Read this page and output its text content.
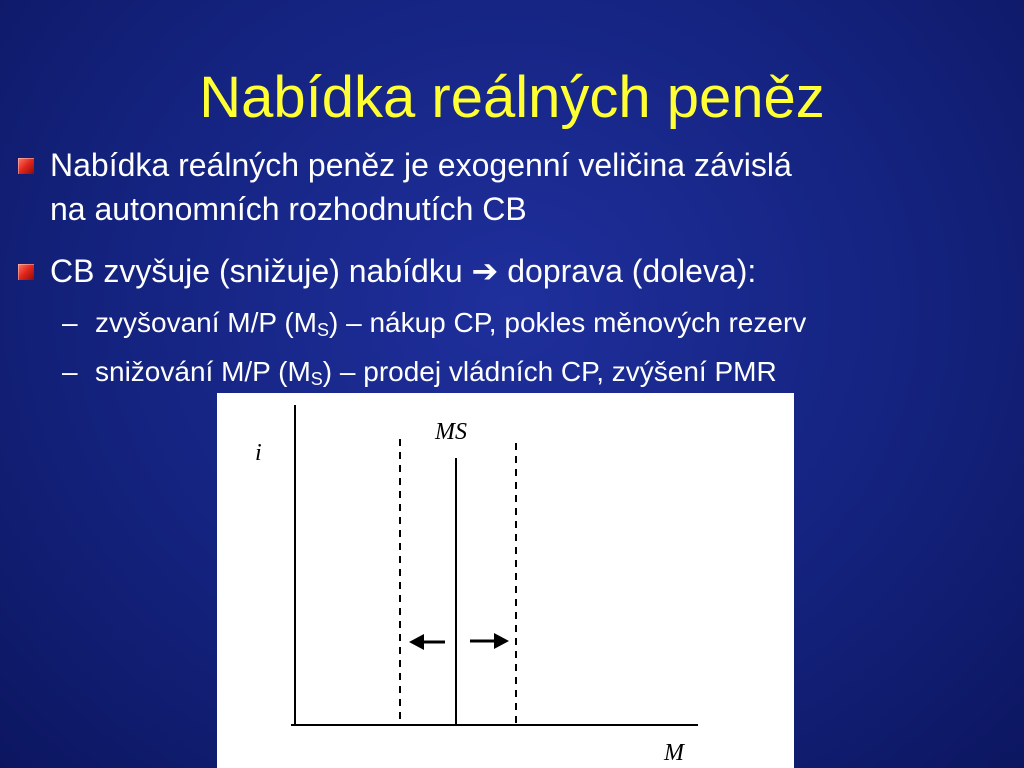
Nabídka reálných peněz
Nabídka reálných peněz je exogenní veličina závislá
na autonomních rozhodnutích CB
CB zvyšuje (snižuje) nabídku ➔ doprava (doleva):
– zvyšovaní M/P $(M_S)$ – nákup CP, pokles měnových rezerv
– snižování M/P $(M_S)$ – prodej vládních CP, zvýšení PMR
i
MS
M
